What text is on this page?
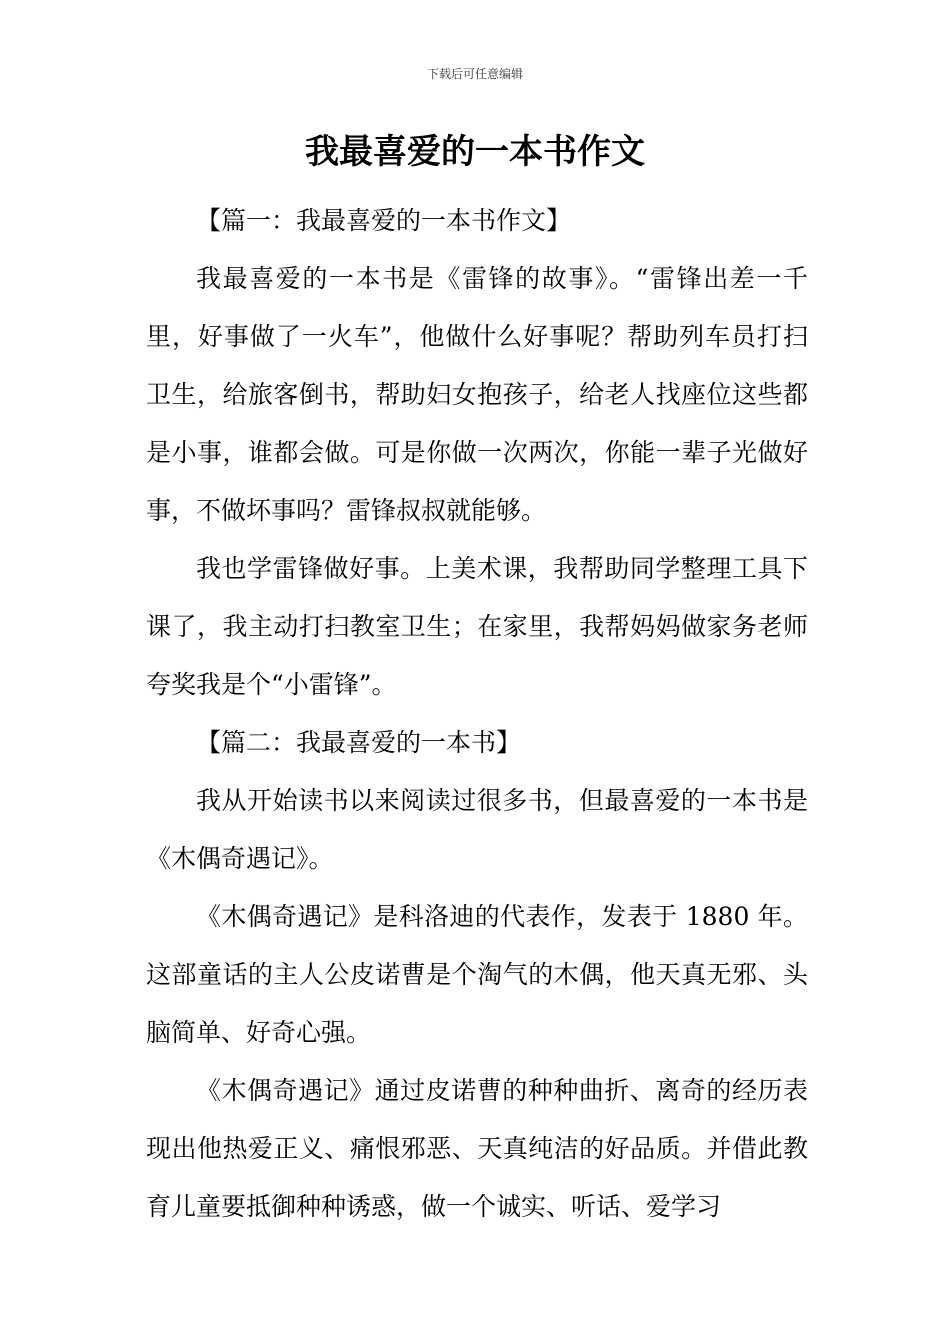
下载后可任意编辑
我最喜爱的一本书作文

【篇一：我最喜爱的一本书作文】

我最喜爱的一本书是《雷锋的故事》。“雷锋出差一千里，好事做了一火车”，他做什么好事呢？帮助列车员打扫卫生，给旅客倒书，帮助妇女抱孩子，给老人找座位这些都是小事，谁都会做。可是你做一次两次，你能一辈子光做好事，不做坏事吗？雷锋叔叔就能够。

我也学雷锋做好事。上美术课，我帮助同学整理工具下课了，我主动打扫教室卫生；在家里，我帮妈妈做家务老师夸奖我是个“小雷锋”。

【篇二：我最喜爱的一本书】

我从开始读书以来阅读过很多书，但最喜爱的一本书是《木偶奇遇记》。

《木偶奇遇记》是科洛迪的代表作，发表于 1880 年。这部童话的主人公皮诺曹是个淘气的木偶，他天真无邪、头脑简单、好奇心强。

《木偶奇遇记》通过皮诺曹的种种曲折、离奇的经历表现出他热爱正义、痛恨邪恶、天真纯洁的好品质。并借此教育儿童要抵御种种诱惑，做一个诚实、听话、爱学习
